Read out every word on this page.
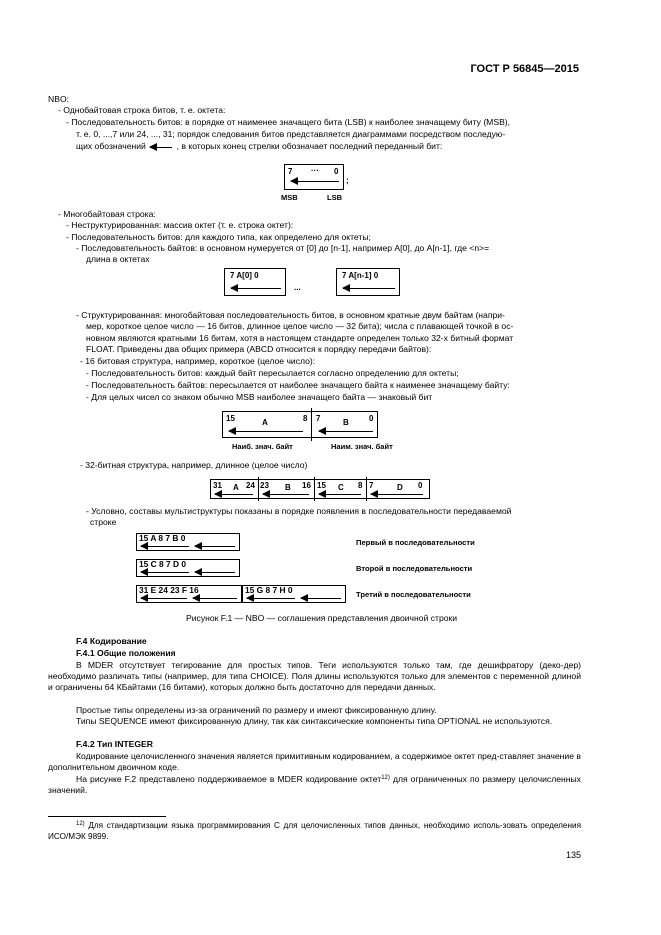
ГОСТ Р 56845—2015
NBO:
- Однобайтовая строка битов, т. е. октета:
- Последовательность битов: в порядке от наименее значащего бита (LSB) к наиболее значащему биту (MSB),
т. е. 0, ...,7 или 24, ..., 31; порядок следования битов представляется диаграммами посредством последую-
щих обозначений	, в которых конец стрелки обозначает последний переданный бит:
7 ··· 0
;
MSB	LSB
- Многобайтовая строка:
- Неструктурированная: массив октет (т. е. строка октет):
- Последовательность битов: для каждого типа, как определено для октеты;
- Последовательность байтов: в основном нумеруется от [0] до [n-1], например A[0], до A[n-1], где <n>=
длина в октетах
7 A[0] 0
...
7 A[n-1] 0
- Структурированная: многобайтовая последовательность битов, в основном кратные двум байтам (напри-
мер, короткое целое число — 16 битов, длинное целое число — 32 бита); числа с плавающей точкой в ос-
новном являются кратными 16 битам, хотя в настоящем стандарте определен только 32-х битный формат
FLOAT. Приведены два общих примера (ABCD относится к порядку передачи байтов):
- 16 битовая структура, например, короткое (целое число):
- Последовательность битов: каждый байт пересылается согласно определению для октеты;
- Последовательность байтов: пересылается от наиболее значащего байта к наименее значащему байту:
- Для целых чисел со знаком обычно MSB наиболее значащего байта — знаковый бит
15	A	8 7	B	0
Наиб. знач. байт	Наим. знач. байт
- 32-битная структура, например, длинное (целое число)
31 A 24 23 B 16 15 C 8 7	D 0
- Условно, составы мультиструктуры показаны в порядке появления в последовательности передаваемой
строке
15 A 8 7 B 0	Первый в последовательности
15 C 8 7 D 0	Второй в последовательности
31 E 24 23 F 16	15 G 8 7 H 0	Третий в последовательности
Рисунок F.1 — NBO — соглашения представления двоичной строки
F.4 Кодирование
F.4.1 Общие положения
В MDER отсутствует тегирование для простых типов. Теги используются только там, где дешифратору (деко-дер) необходимо различать типы (например, для типа CHOICE). Поля длины используются только для элементов с переменной длиной и ограничены 64 КБайтами (16 битами), которых должно быть достаточно для передачи данных.
Простые типы определены из-за ограничений по размеру и имеют фиксированную длину.
Типы SEQUENCE имеют фиксированную длину, так как синтаксические компоненты типа OPTIONAL не используются.
F.4.2 Тип INTEGER
Кодирование целочисленного значения является примитивным кодированием, а содержимое октет пред-ставляет значение в дополнительном двоичном коде.
На рисунке F.2 представлено поддерживаемое в MDER кодирование октет$^{12)}$ для ограниченных по размеру целочисленных значений.
$^{12)}$ Для стандартизации языка программирования С для целочисленных типов данных, необходимо исполь-зовать определения ИСО/МЭК 9899.
135
